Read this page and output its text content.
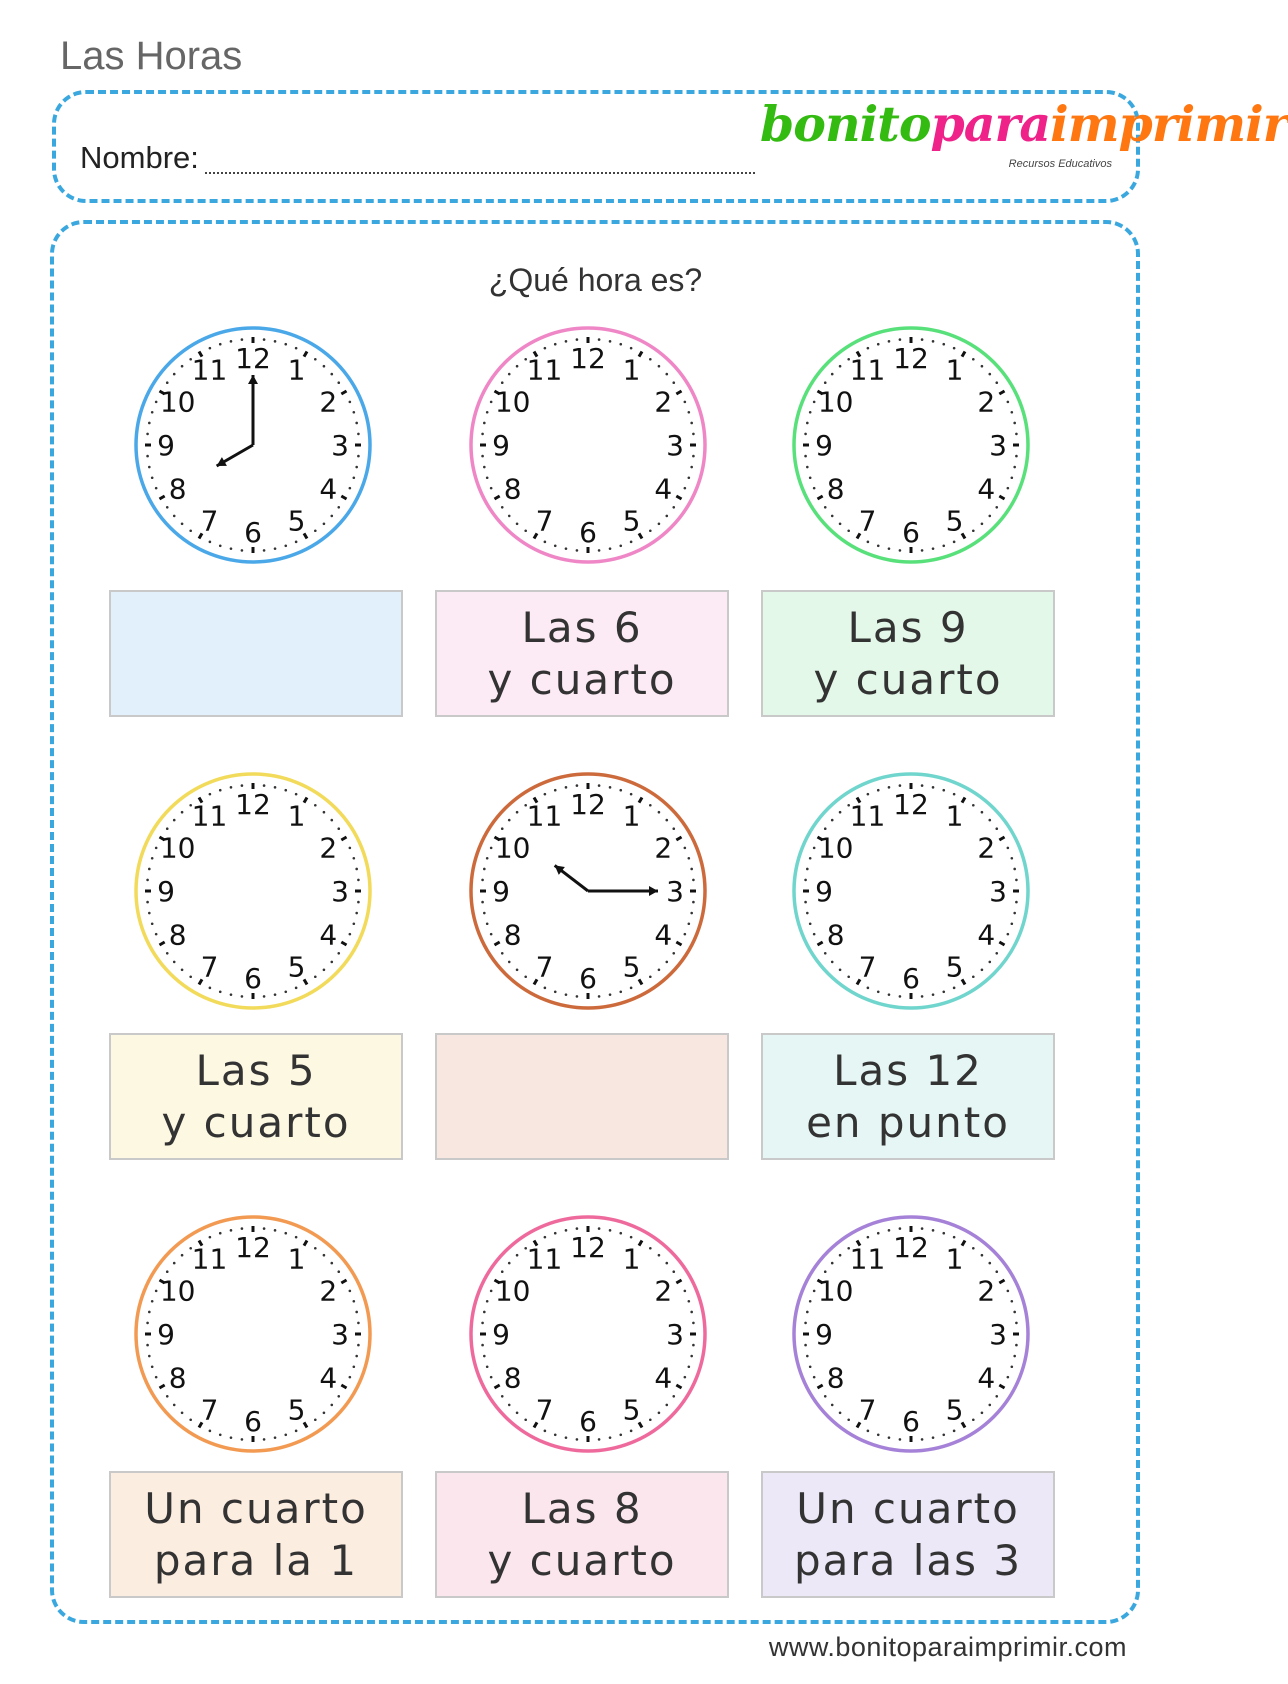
Las Horas
Nombre:
bonitoparaimprimir
Recursos Educativos
¿Qué hora es?
12 1
2
3
4
5
6
7
8
9
10
11	12 1
2
3
4
5
6
7
8
9
10
11	12 1
2
3
4
5
6
7
8
9
10
11
Las 6
y cuarto
Las 9
y cuarto
12 1
2
3
4
5
6
7
8
9
10
11	12 1
2
3
4
5
6
7
8
9
10
11	12 1
2
3
4
5
6
7
8
9
10
11
Las 5
y cuarto
Las 12
en punto
12 1
2
3
4
5
6
7
8
9
10
11	12 1
2
3
4
5
6
7
8
9
10
11	12 1
2
3
4
5
6
7
8
9
10
11
Un cuarto
para la 1
Las 8
y cuarto
Un cuarto
para las 3
www.bonitoparaimprimir.com
